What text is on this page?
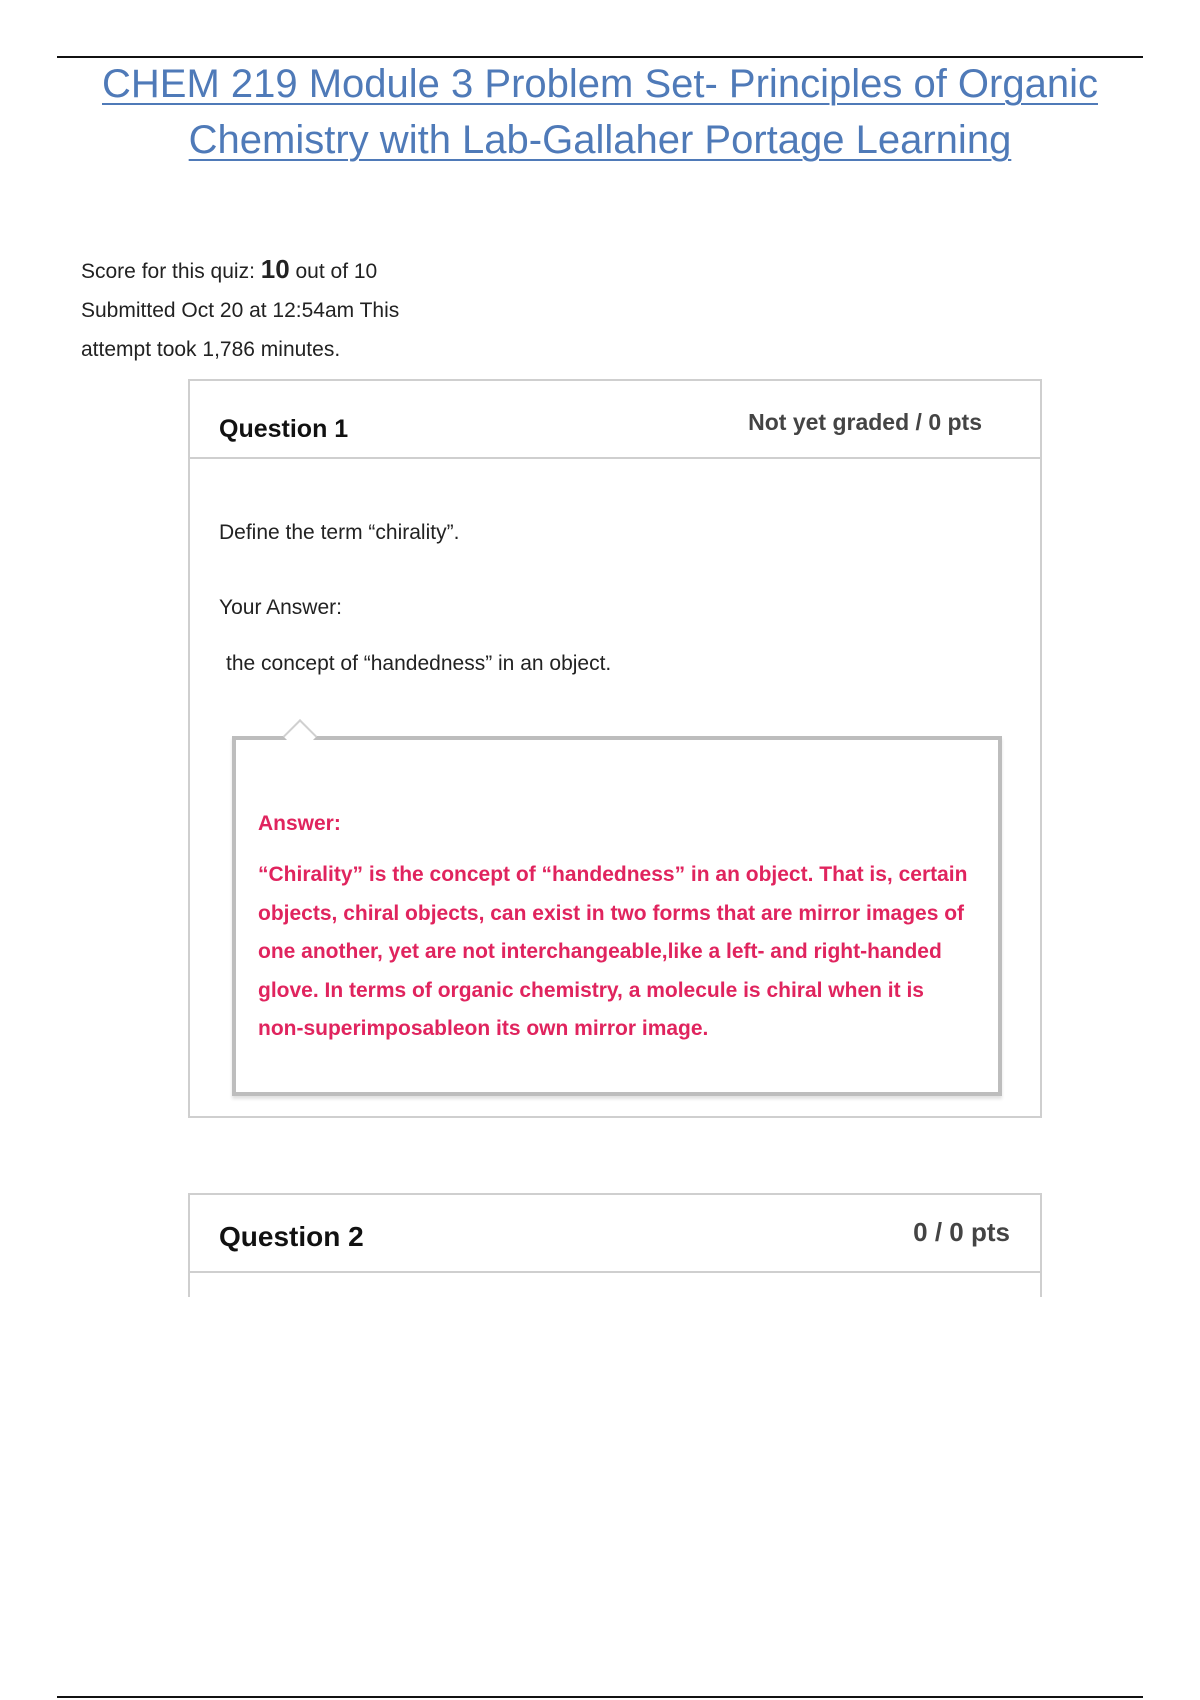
CHEM 219 Module 3 Problem Set- Principles of Organic
Chemistry with Lab-Gallaher Portage Learning
Score for this quiz: 10 out of 10
Submitted Oct 20 at 12:54am This
attempt took 1,786 minutes.
Question 1	Not yet graded / 0 pts
Define the term “chirality”.
Your Answer:
the concept of “handedness” in an object.
Answer:
“Chirality” is the concept of “handedness” in an object. That is, certain
objects, chiral objects, can exist in two forms that are mirror images of
one another, yet are not interchangeable,like a left- and right-handed
glove. In terms of organic chemistry, a molecule is chiral when it is
non-superimposableon its own mirror image.
Question 2	0 / 0 pts
